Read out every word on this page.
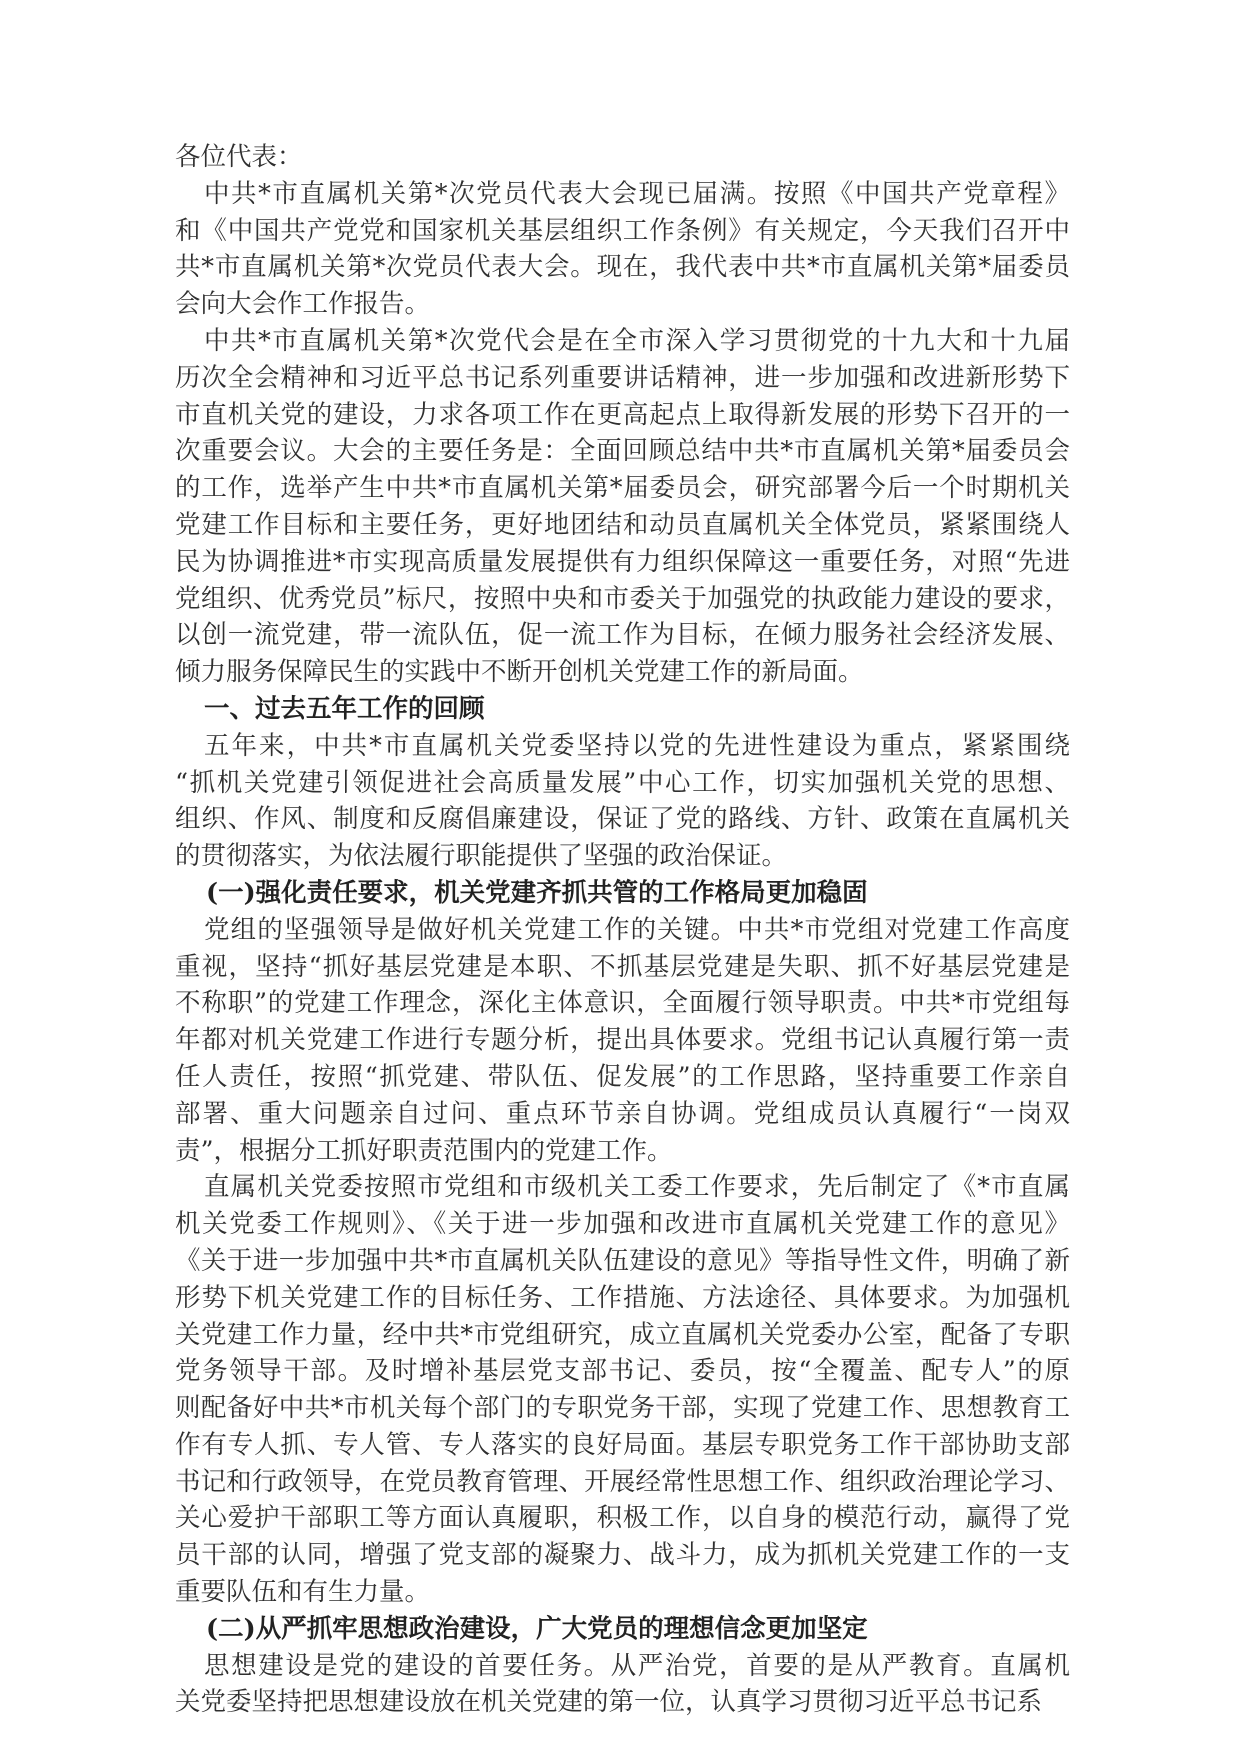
各位代表：
中共*市直属机关第*次党员代表大会现已届满。按照《中国共产党章程》
和《中国共产党党和国家机关基层组织工作条例》有关规定，今天我们召开中
共*市直属机关第*次党员代表大会。现在，我代表中共*市直属机关第*届委员
会向大会作工作报告。
中共*市直属机关第*次党代会是在全市深入学习贯彻党的十九大和十九届
历次全会精神和习近平总书记系列重要讲话精神，进一步加强和改进新形势下
市直机关党的建设，力求各项工作在更高起点上取得新发展的形势下召开的一
次重要会议。大会的主要任务是：全面回顾总结中共*市直属机关第*届委员会
的工作，选举产生中共*市直属机关第*届委员会，研究部署今后一个时期机关
党建工作目标和主要任务，更好地团结和动员直属机关全体党员，紧紧围绕人
民为协调推进*市实现高质量发展提供有力组织保障这一重要任务，对照“先进
党组织、优秀党员”标尺，按照中央和市委关于加强党的执政能力建设的要求，
以创一流党建，带一流队伍，促一流工作为目标，在倾力服务社会经济发展、
倾力服务保障民生的实践中不断开创机关党建工作的新局面。
一、过去五年工作的回顾
五年来，中共*市直属机关党委坚持以党的先进性建设为重点，紧紧围绕
“抓机关党建引领促进社会高质量发展”中心工作，切实加强机关党的思想、
组织、作风、制度和反腐倡廉建设，保证了党的路线、方针、政策在直属机关
的贯彻落实，为依法履行职能提供了坚强的政治保证。
(一)强化责任要求，机关党建齐抓共管的工作格局更加稳固
党组的坚强领导是做好机关党建工作的关键。中共*市党组对党建工作高度
重视，坚持“抓好基层党建是本职、不抓基层党建是失职、抓不好基层党建是
不称职”的党建工作理念，深化主体意识，全面履行领导职责。中共*市党组每
年都对机关党建工作进行专题分析，提出具体要求。党组书记认真履行第一责
任人责任，按照“抓党建、带队伍、促发展”的工作思路，坚持重要工作亲自
部署、重大问题亲自过问、重点环节亲自协调。党组成员认真履行“一岗双
责”，根据分工抓好职责范围内的党建工作。
直属机关党委按照市党组和市级机关工委工作要求，先后制定了《*市直属
机关党委工作规则》、《关于进一步加强和改进市直属机关党建工作的意见》
《关于进一步加强中共*市直属机关队伍建设的意见》等指导性文件，明确了新
形势下机关党建工作的目标任务、工作措施、方法途径、具体要求。为加强机
关党建工作力量，经中共*市党组研究，成立直属机关党委办公室，配备了专职
党务领导干部。及时增补基层党支部书记、委员，按“全覆盖、配专人”的原
则配备好中共*市机关每个部门的专职党务干部，实现了党建工作、思想教育工
作有专人抓、专人管、专人落实的良好局面。基层专职党务工作干部协助支部
书记和行政领导，在党员教育管理、开展经常性思想工作、组织政治理论学习、
关心爱护干部职工等方面认真履职，积极工作，以自身的模范行动，赢得了党
员干部的认同，增强了党支部的凝聚力、战斗力，成为抓机关党建工作的一支
重要队伍和有生力量。
(二)从严抓牢思想政治建设，广大党员的理想信念更加坚定
思想建设是党的建设的首要任务。从严治党，首要的是从严教育。直属机
关党委坚持把思想建设放在机关党建的第一位，认真学习贯彻习近平总书记系
